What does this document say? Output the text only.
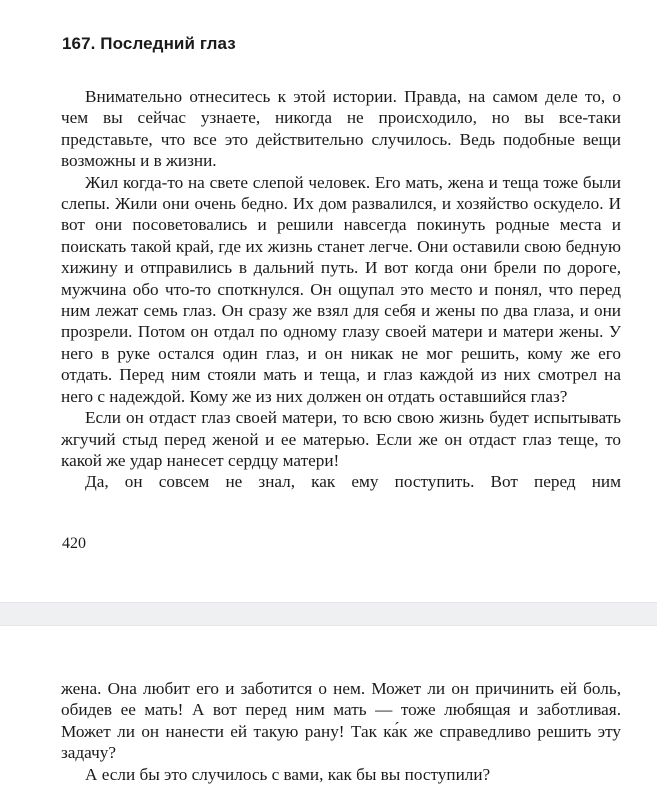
167. Последний глаз

Внимательно отнеситесь к этой истории. Правда, на самом деле то, о чем вы сейчас узнаете, никогда не происходило, но вы все-таки представьте, что все это действительно случилось. Ведь подобные вещи возможны и в жизни.

Жил когда-то на свете слепой человек. Его мать, жена и теща тоже были слепы. Жили они очень бедно. Их дом развалился, и хозяйство оскудело. И вот они посоветовались и решили навсегда покинуть родные места и поискать такой край, где их жизнь станет легче. Они оставили свою бедную хижину и отправились в дальний путь. И вот когда они брели по дороге, мужчина обо что-то споткнулся. Он ощупал это место и понял, что перед ним лежат семь глаз. Он сразу же взял для себя и жены по два глаза, и они прозрели. Потом он отдал по одному глазу своей матери и матери жены. У него в руке остался один глаз, и он никак не мог решить, кому же его отдать. Перед ним стояли мать и теща, и глаз каждой из них смотрел на него с надеждой. Кому же из них должен он отдать оставшийся глаз?

Если он отдаст глаз своей матери, то всю свою жизнь будет испытывать жгучий стыд перед женой и ее матерью. Если же он отдаст глаз теще, то какой же удар нанесет сердцу матери!

Да, он совсем не знал, как ему поступить. Вот перед ним

420

жена. Она любит его и заботится о нем. Может ли он причинить ей боль, обидев ее мать! А вот перед ним мать — тоже любящая и заботливая. Может ли он нанести ей такую рану! Так ка́к же справедливо решить эту задачу?

А если бы это случилось с вами, как бы вы поступили?
